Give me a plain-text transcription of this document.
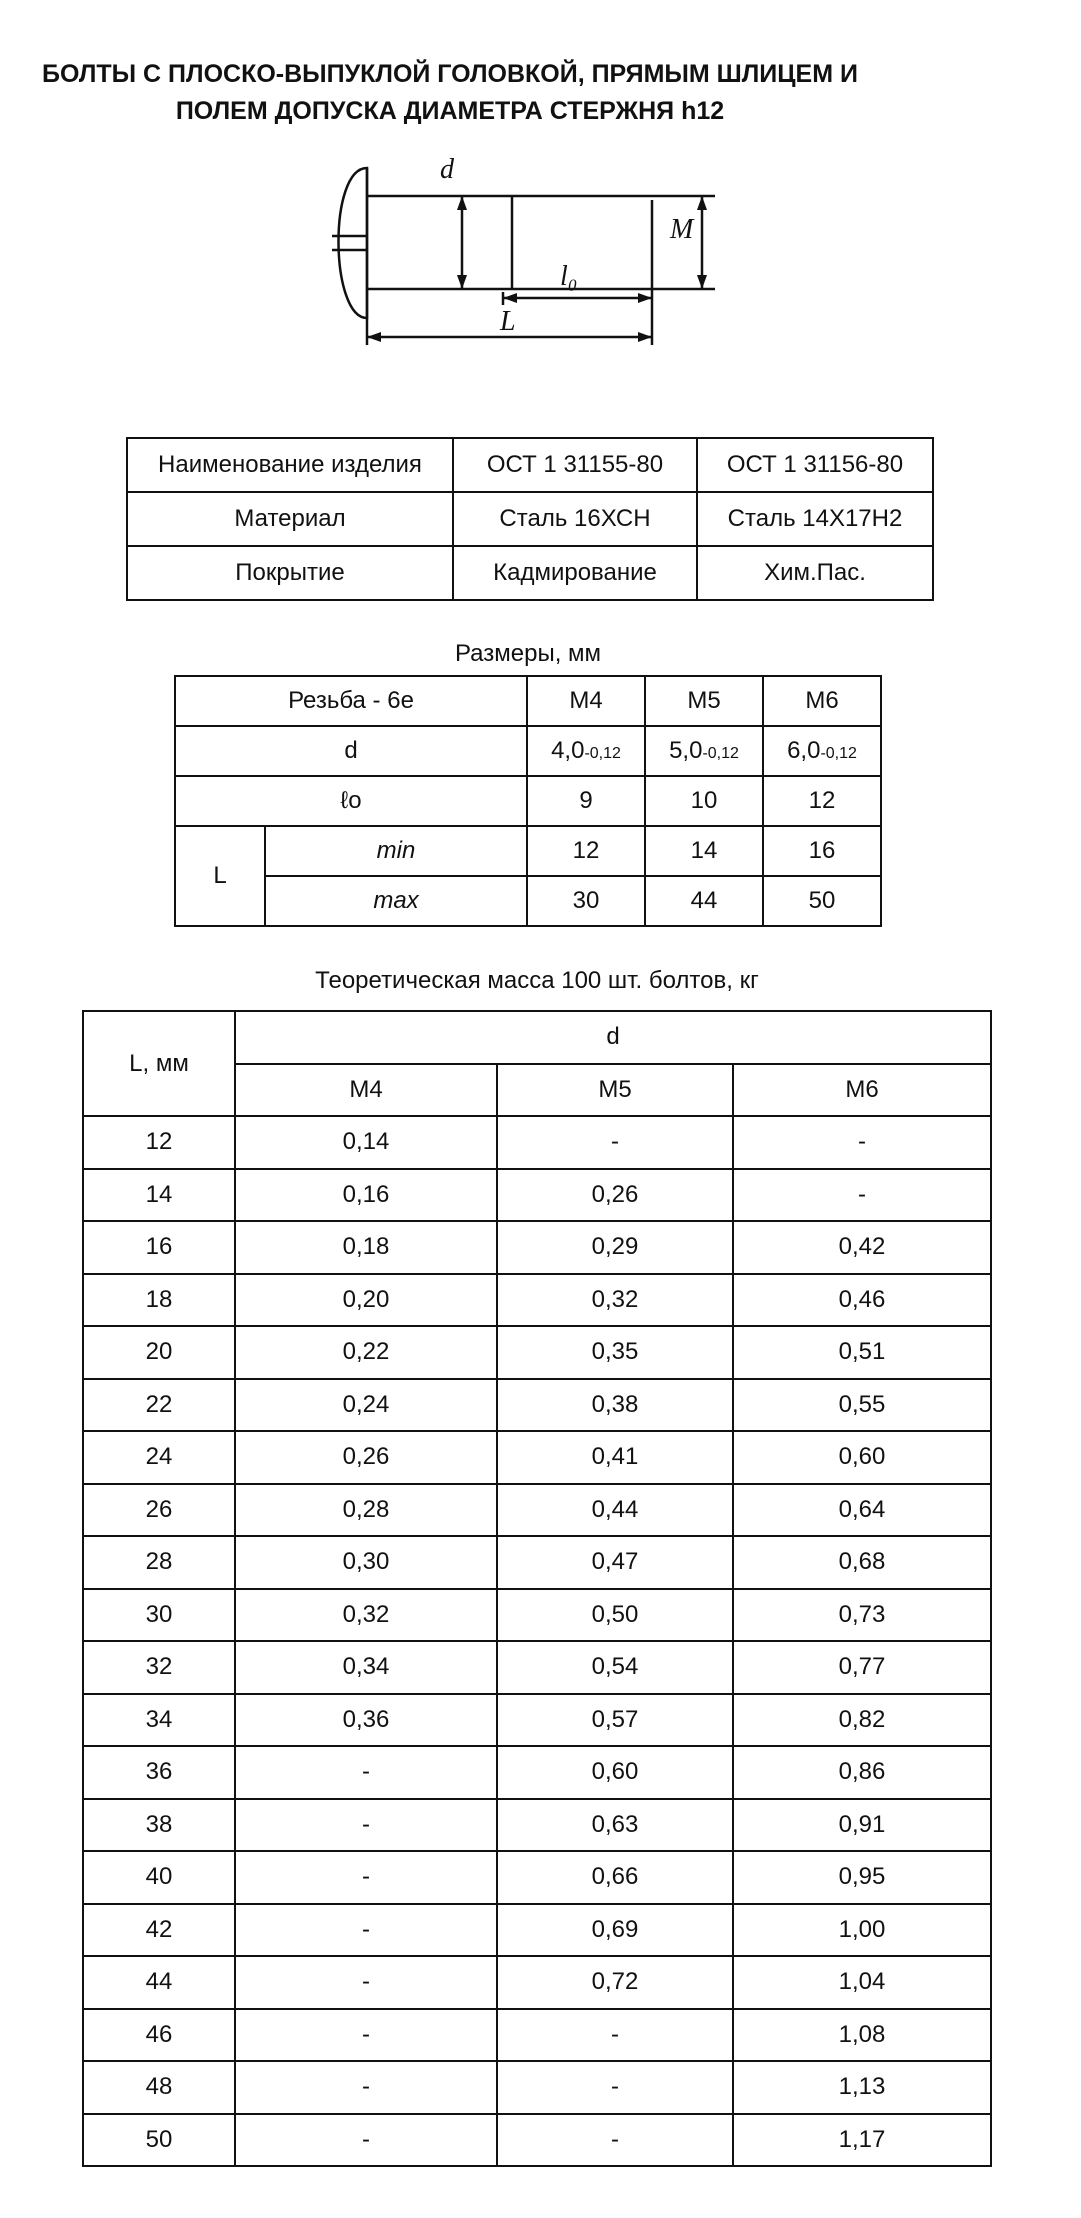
БОЛТЫ С ПЛОСКО-ВЫПУКЛОЙ ГОЛОВКОЙ, ПРЯМЫМ ШЛИЦЕМ И
ПОЛЕМ ДОПУСКА ДИАМЕТРА СТЕРЖНЯ h12
d
M
l₀
L
Наименование изделия	ОСТ 1 31155-80	ОСТ 1 31156-80
Материал	Сталь 16ХСН	Сталь 14Х17Н2
Покрытие	Кадмирование	Хим.Пас.
Размеры, мм
Резьба - 6е		М4	М5	М6
d		4,0-0,12	5,0-0,12	6,0-0,12
ℓo		9	10	12
L	min	12	14	16
	max	30	44	50
Теоретическая масса 100 шт. болтов, кг
L, мм	d		
	М4	М5	М6
12	0,14	-	-
14	0,16	0,26	-
16	0,18	0,29	0,42
18	0,20	0,32	0,46
20	0,22	0,35	0,51
22	0,24	0,38	0,55
24	0,26	0,41	0,60
26	0,28	0,44	0,64
28	0,30	0,47	0,68
30	0,32	0,50	0,73
32	0,34	0,54	0,77
34	0,36	0,57	0,82
36	-	0,60	0,86
38	-	0,63	0,91
40	-	0,66	0,95
42	-	0,69	1,00
44	-	0,72	1,04
46	-	-	1,08
48	-	-	1,13
50	-	-	1,17
